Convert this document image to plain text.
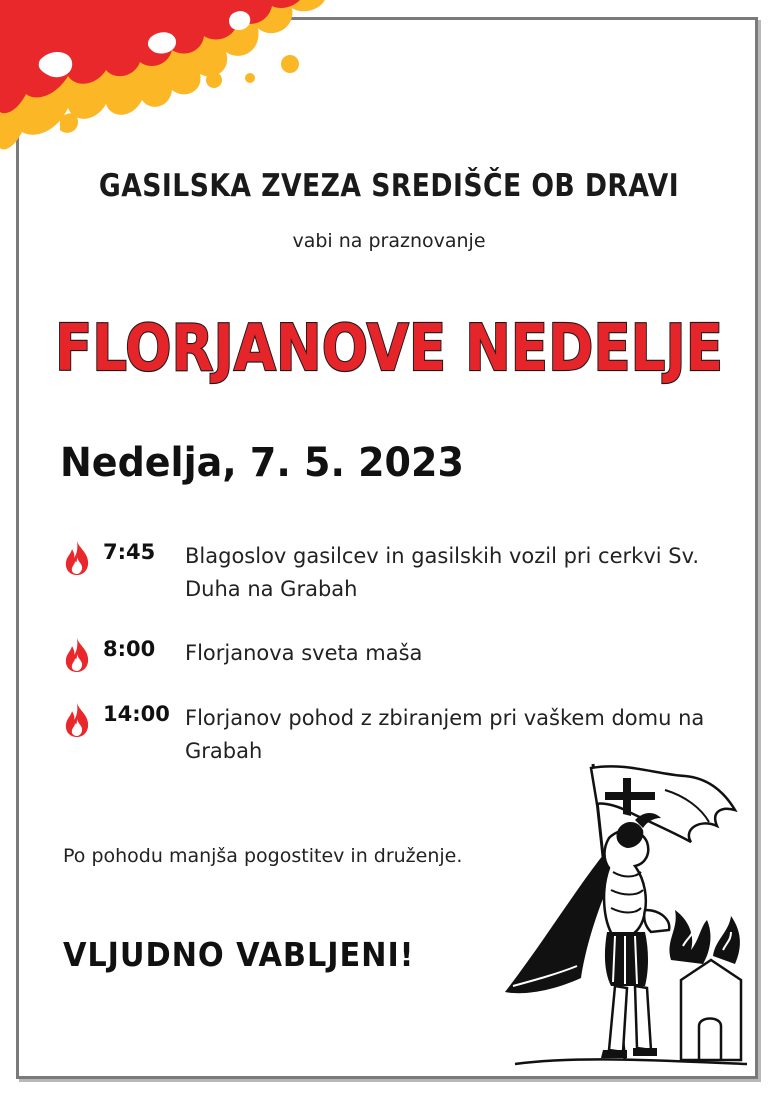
GASILSKA ZVEZA SREDIŠČE OB DRAVI
vabi na praznovanje
FLORJANOVE NEDELJE
Nedelja, 7. 5. 2023
7:45 Blagoslov gasilcev in gasilskih vozil pri cerkvi Sv. Duha na Grabah
8:00 Florjanova sveta maša
14:00 Florjanov pohod z zbiranjem pri vaškem domu na Grabah
Po pohodu manjša pogostitev in druženje.
VLJUDNO VABLJENI!
